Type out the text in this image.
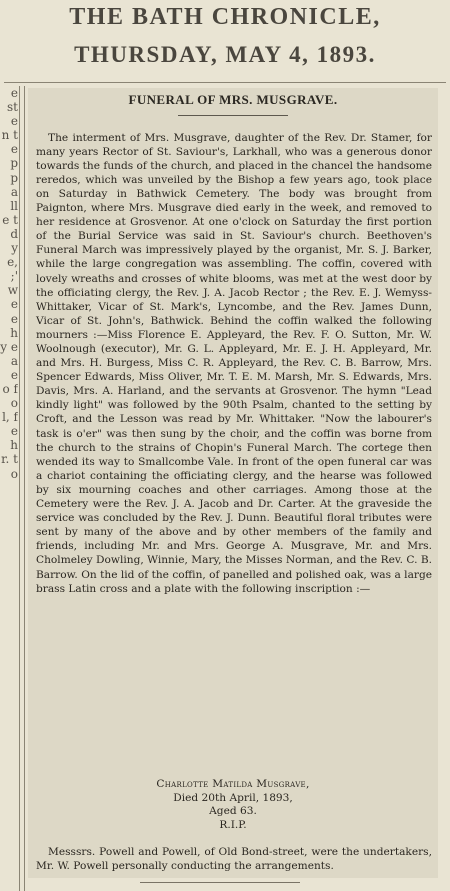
THE BATH CHRONICLE,
THURSDAY, MAY 4, 1893.
e st e n t e p p a ll e t d y e, ;' w e e h y e a e o f o l, f e h r. t o
FUNERAL OF MRS. MUSGRAVE.

The interment of Mrs. Musgrave, daughter of the Rev. Dr. Stamer, for many years Rector of St. Saviour's, Larkhall, who was a generous donor towards the funds of the church, and placed in the chancel the handsome reredos, which was unveiled by the Bishop a few years ago, took place on Saturday in Bathwick Cemetery. The body was brought from Paignton, where Mrs. Musgrave died early in the week, and removed to her residence at Grosvenor. At one o'clock on Saturday the first portion of the Burial Service was said in St. Saviour's church. Beethoven's Funeral March was impressively played by the organist, Mr. S. J. Barker, while the large congregation was assembling. The coffin, covered with lovely wreaths and crosses of white blooms, was met at the west door by the officiating clergy, the Rev. J. A. Jacob Rector ; the Rev. E. J. Wemyss-Whittaker, Vicar of St. Mark's, Lyncombe, and the Rev. James Dunn, Vicar of St. John's, Bathwick. Behind the coffin walked the following mourners :—Miss Florence E. Appleyard, the Rev. F. O. Sutton, Mr. W. Woolnough (executor), Mr. G. L. Appleyard, Mr. E. J. H. Appleyard, Mr. and Mrs. H. Burgess, Miss C. R. Appleyard, the Rev. C. B. Barrow, Mrs. Spencer Edwards, Miss Oliver, Mr. T. E. M. Marsh, Mr. S. Edwards, Mrs. Davis, Mrs. A. Harland, and the servants at Grosvenor. The hymn "Lead kindly light" was followed by the 90th Psalm, chanted to the setting by Croft, and the Lesson was read by Mr. Whittaker. "Now the labourer's task is o'er" was then sung by the choir, and the coffin was borne from the church to the strains of Chopin's Funeral March. The cortege then wended its way to Smallcombe Vale. In front of the open funeral car was a chariot containing the officiating clergy, and the hearse was followed by six mourning coaches and other carriages. Among those at the Cemetery were the Rev. J. A. Jacob and Dr. Carter. At the graveside the service was concluded by the Rev. J. Dunn. Beautiful floral tributes were sent by many of the above and by other members of the family and friends, including Mr. and Mrs. George A. Musgrave, Mr. and Mrs. Cholmeley Dowling, Winnie, Mary, the Misses Norman, and the Rev. C. B. Barrow. On the lid of the coffin, of panelled and polished oak, was a large brass Latin cross and a plate with the following inscription :—

Charlotte Matilda Musgrave,
Died 20th April, 1893,
Aged 63.
R.I.P.

Messsrs. Powell and Powell, of Old Bond-street, were the undertakers, Mr. W. Powell personally conducting the arrangements.
